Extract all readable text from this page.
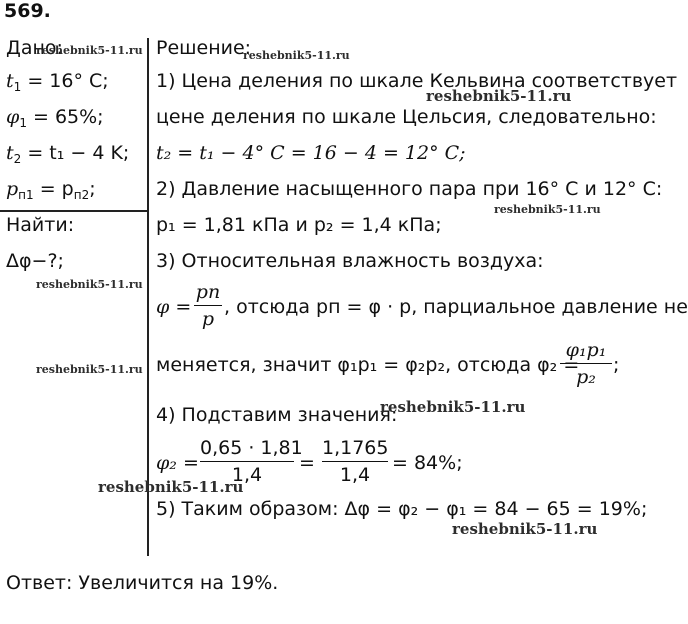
569.
Дано:
$t_1 = 16^\circ$ C;
$\varphi_1 = 65\%$;
$t_2 = t_1 - 4$ K;
$p_{п1} = p_{п2}$;
Найти:
Δφ−?;
Решение:
1) Цена деления по шкале Кельвина соответствует
цене деления по шкале Цельсия, следовательно:
t₂ = t₁ − 4° C = 16 − 4 = 12° C;
2) Давление насыщенного пара при 16° C и 12° C:
p₁ = 1,81 кПа и p₂ = 1,4 кПа;
3) Относительная влажность воздуха:
φ =
pп
p
, отсюда pп = φ · p, парциальное давление не
меняется, значит φ₁p₁ = φ₂p₂, отсюда φ₂ =
φ₁p₁
p₂
;
4) Подставим значения:
φ₂ =
0,65 · 1,81
1,4
=
1,1765
1,4
= 84%;
5) Таким образом: Δφ = φ₂ − φ₁ = 84 − 65 = 19%;
Ответ: Увеличится на 19%.
reshebnik5-11.ru	reshebnik5-11.ru
reshebnik5-11.ru
reshebnik5-11.ru
reshebnik5-11.ru
reshebnik5-11.ru
reshebnik5-11.ru
reshebnik5-11.ru
reshebnik5-11.ru
